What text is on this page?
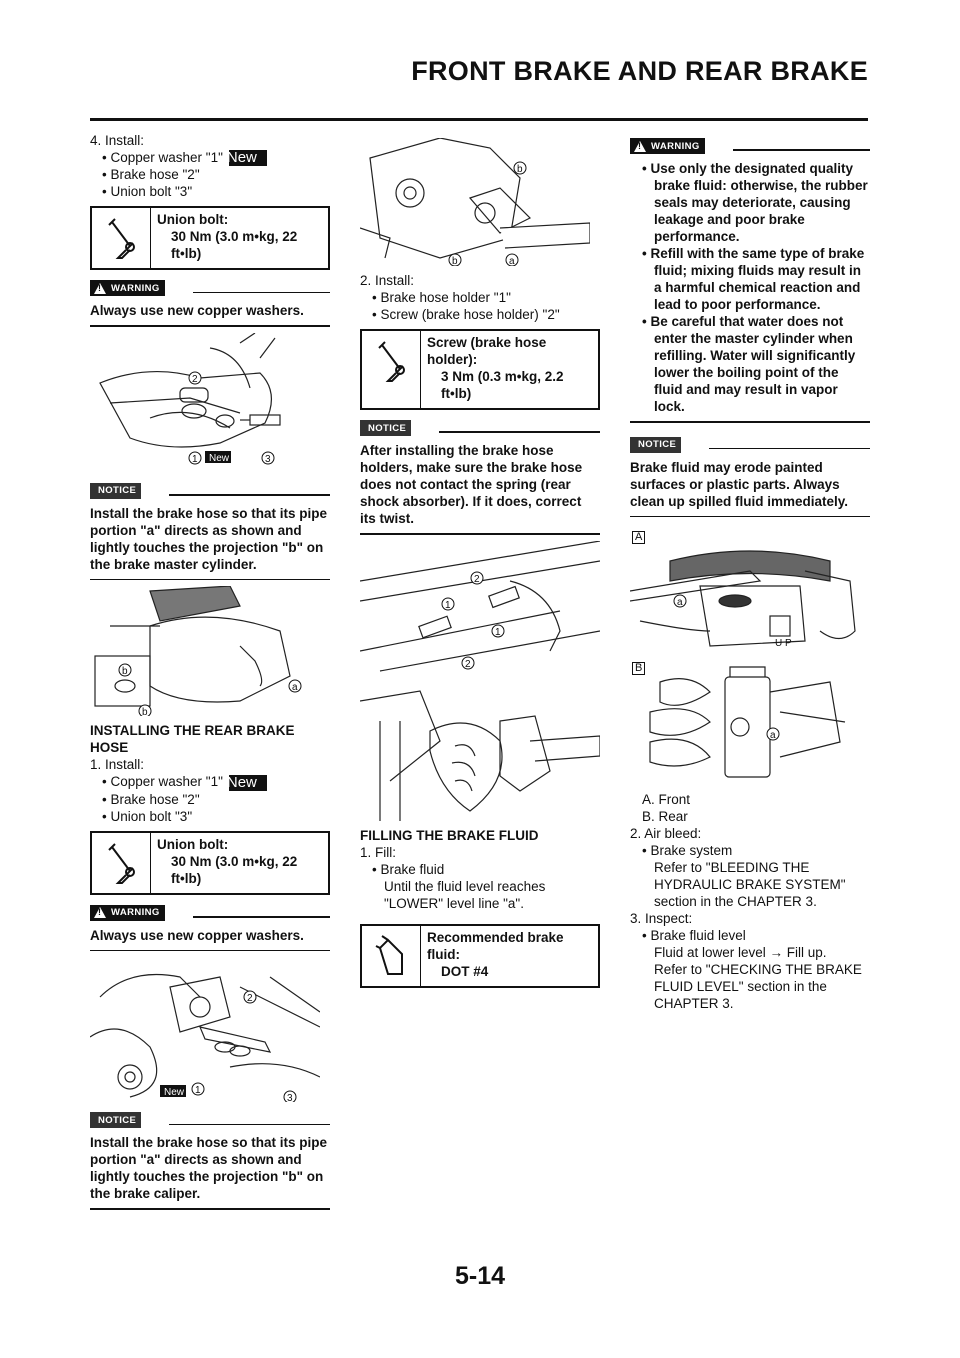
FRONT BRAKE AND REAR BRAKE

4. Install:

• Copper washer "1" New

• Brake hose "2"

• Union bolt "3"

Union bolt:
30 Nm (3.0 m•kg, 22 ft•lb)
!
WARNING

Always use new copper washers.

2
1	3
New
NOTICE

Install the brake hose so that its pipe portion "a" directs as shown and lightly touches the projection "b" on the brake master cylinder.

b
b
a

INSTALLING THE REAR BRAKE HOSE

1. Install:

• Copper washer "1" New

• Brake hose "2"

• Union bolt "3"

Union bolt:
30 Nm (3.0 m•kg, 22 ft•lb)
!
WARNING

Always use new copper washers.

2
New 1
3
NOTICE

Install the brake hose so that its pipe portion "a" directs as shown and lightly touches the projection "b" on the brake caliper.

b
b	a

2. Install:

• Brake hose holder "1"

• Screw (brake hose holder) "2"

Screw (brake hose holder):
3 Nm (0.3 m•kg, 2.2 ft•lb)
NOTICE

After installing the brake hose holders, make sure the brake hose does not contact the spring (rear shock absorber). If it does, correct its twist.

2
1
1
2

FILLING THE BRAKE FLUID

1. Fill:

• Brake fluid

Until the fluid level reaches "LOWER" level line "a".

Recommended brake fluid:
DOT #4
!
WARNING

• Use only the designated quality brake fluid: otherwise, the rubber seals may deteriorate, causing leakage and poor brake performance.

• Refill with the same type of brake fluid; mixing fluids may result in a harmful chemical reaction and lead to poor performance.

• Be careful that water does not enter the master cylinder when refilling. Water will significantly lower the boiling point of the fluid and may result in vapor lock.

NOTICE

Brake fluid may erode painted surfaces or plastic parts. Always clean up spilled fluid immediately.

A
U P
a
B
a

A. Front

B. Rear

2. Air bleed:

• Brake system

Refer to "BLEEDING THE HYDRAULIC BRAKE SYSTEM" section in the CHAPTER 3.

3. Inspect:

• Brake fluid level

Fluid at lower level → Fill up.

Refer to "CHECKING THE BRAKE FLUID LEVEL" section in the CHAPTER 3.

5-14
